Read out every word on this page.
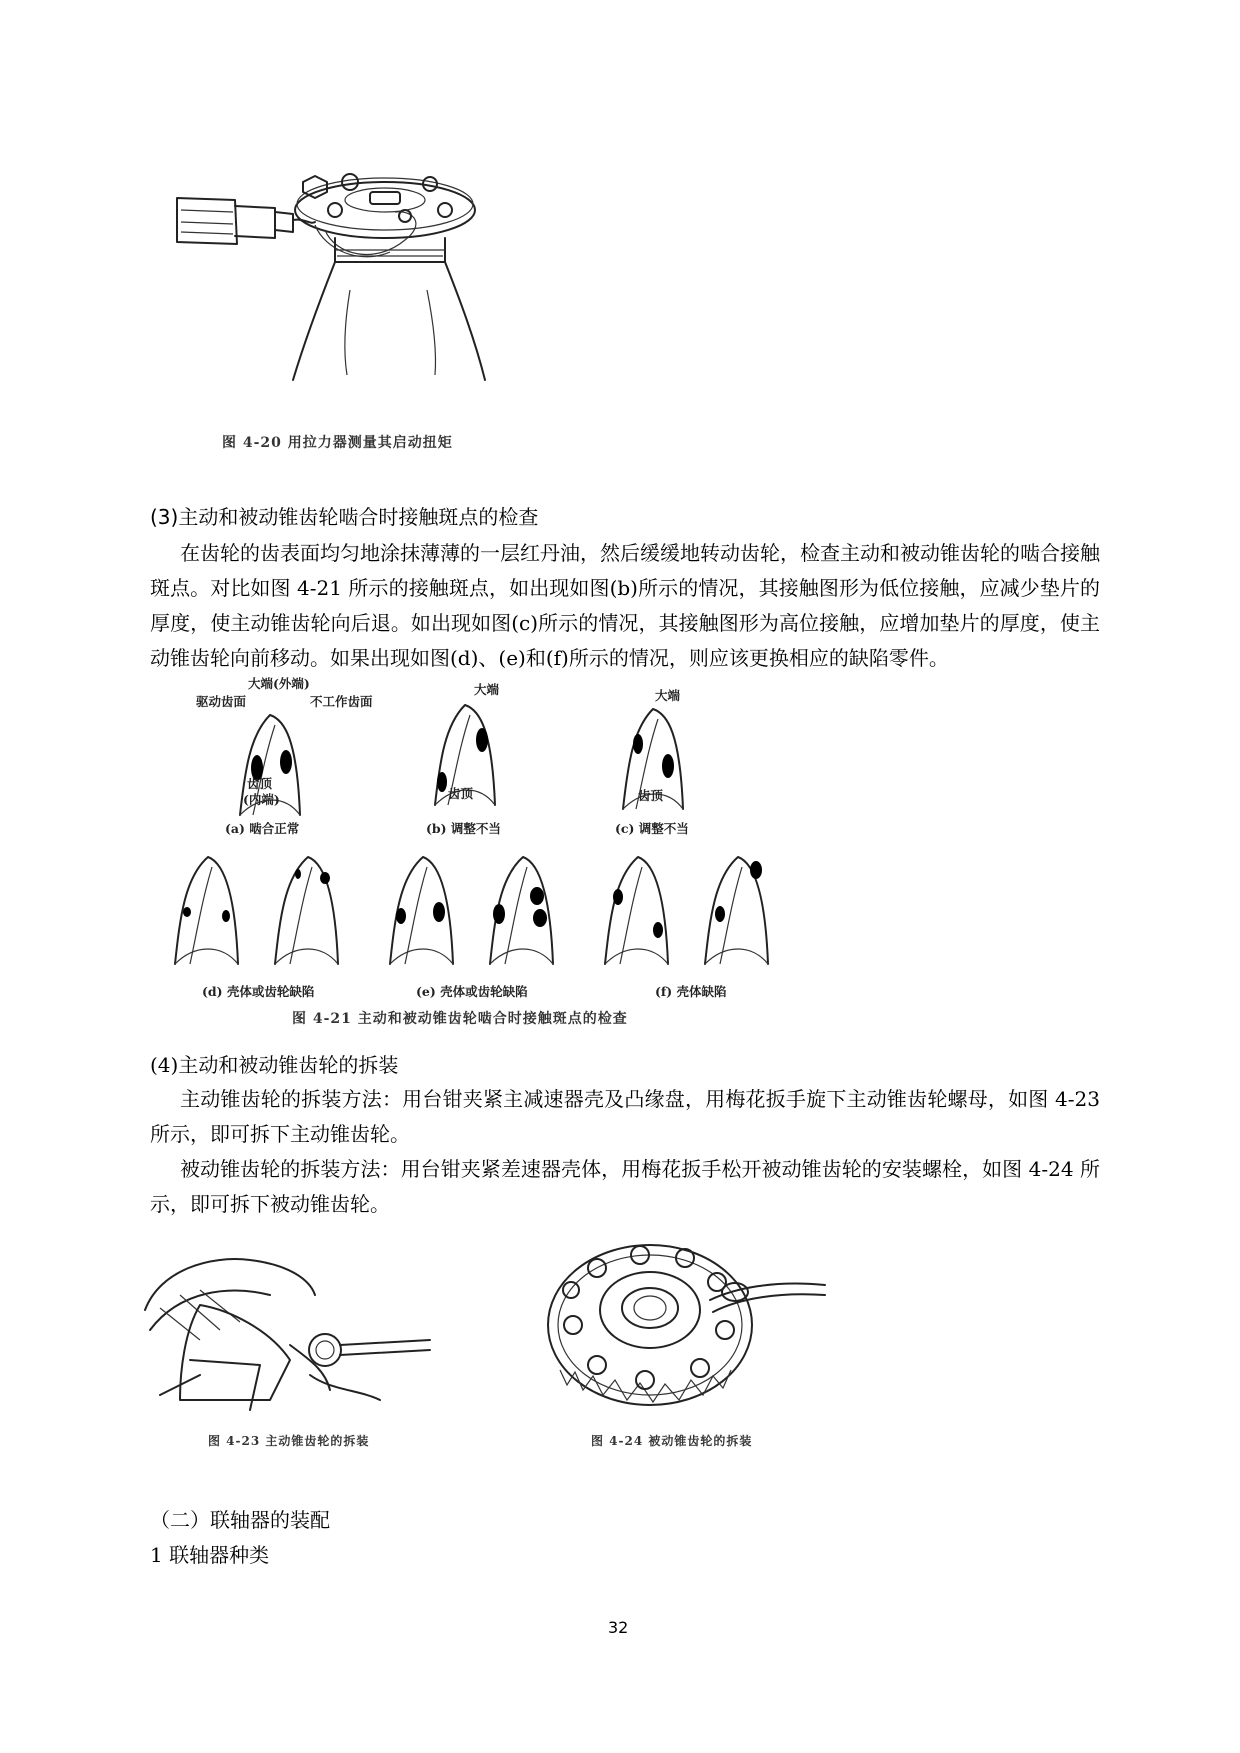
图 4-20 用拉力器测量其启动扭矩
(3)主动和被动锥齿轮啮合时接触斑点的检查
在齿轮的齿表面均匀地涂抹薄薄的一层红丹油，然后缓缓地转动齿轮，检查主动和被动锥齿轮的啮合接触斑点。对比如图 4-21 所示的接触斑点，如出现如图(b)所示的情况，其接触图形为低位接触，应减少垫片的厚度，使主动锥齿轮向后退。如出现如图(c)所示的情况，其接触图形为高位接触，应增加垫片的厚度，使主动锥齿轮向前移动。如果出现如图(d)、(e)和(f)所示的情况，则应该更换相应的缺陷零件。
大端(外端)
驱动齿面	不工作齿面
齿顶
(内端)
(a) 啮合正常
大端
齿顶
(b) 调整不当
大端
齿顶
(c) 调整不当
(d) 壳体或齿轮缺陷	(e) 壳体或齿轮缺陷	(f) 壳体缺陷
图 4-21 主动和被动锥齿轮啮合时接触斑点的检查
(4)主动和被动锥齿轮的拆装
主动锥齿轮的拆装方法：用台钳夹紧主减速器壳及凸缘盘，用梅花扳手旋下主动锥齿轮螺母，如图 4-23 所示，即可拆下主动锥齿轮。
被动锥齿轮的拆装方法：用台钳夹紧差速器壳体，用梅花扳手松开被动锥齿轮的安装螺栓，如图 4-24 所示，即可拆下被动锥齿轮。
图 4-23 主动锥齿轮的拆装	图 4-24 被动锥齿轮的拆装
（二）联轴器的装配
1 联轴器种类
32
